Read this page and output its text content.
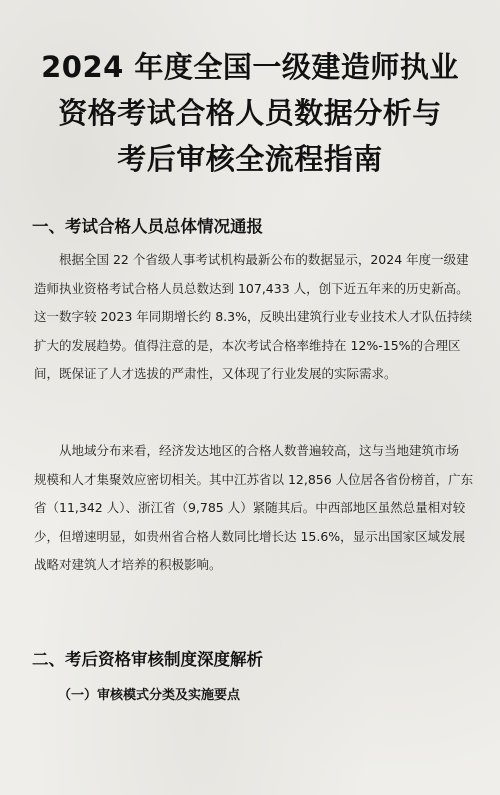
2024 年度全国一级建造师执业
资格考试合格人员数据分析与
考后审核全流程指南
一、考试合格人员总体情况通报
根据全国 22 个省级人事考试机构最新公布的数据显示，2024 年度一级建
造师执业资格考试合格人员总数达到 107,433 人，创下近五年来的历史新高。
这一数字较 2023 年同期增长约 8.3%，反映出建筑行业专业技术人才队伍持续
扩大的发展趋势。值得注意的是，本次考试合格率维持在 12%-15%的合理区
间，既保证了人才选拔的严肃性，又体现了行业发展的实际需求。
从地域分布来看，经济发达地区的合格人数普遍较高，这与当地建筑市场
规模和人才集聚效应密切相关。其中江苏省以 12,856 人位居各省份榜首，广东
省（11,342 人）、浙江省（9,785 人）紧随其后。中西部地区虽然总量相对较
少，但增速明显，如贵州省合格人数同比增长达 15.6%，显示出国家区域发展
战略对建筑人才培养的积极影响。
二、考后资格审核制度深度解析
（一）审核模式分类及实施要点
